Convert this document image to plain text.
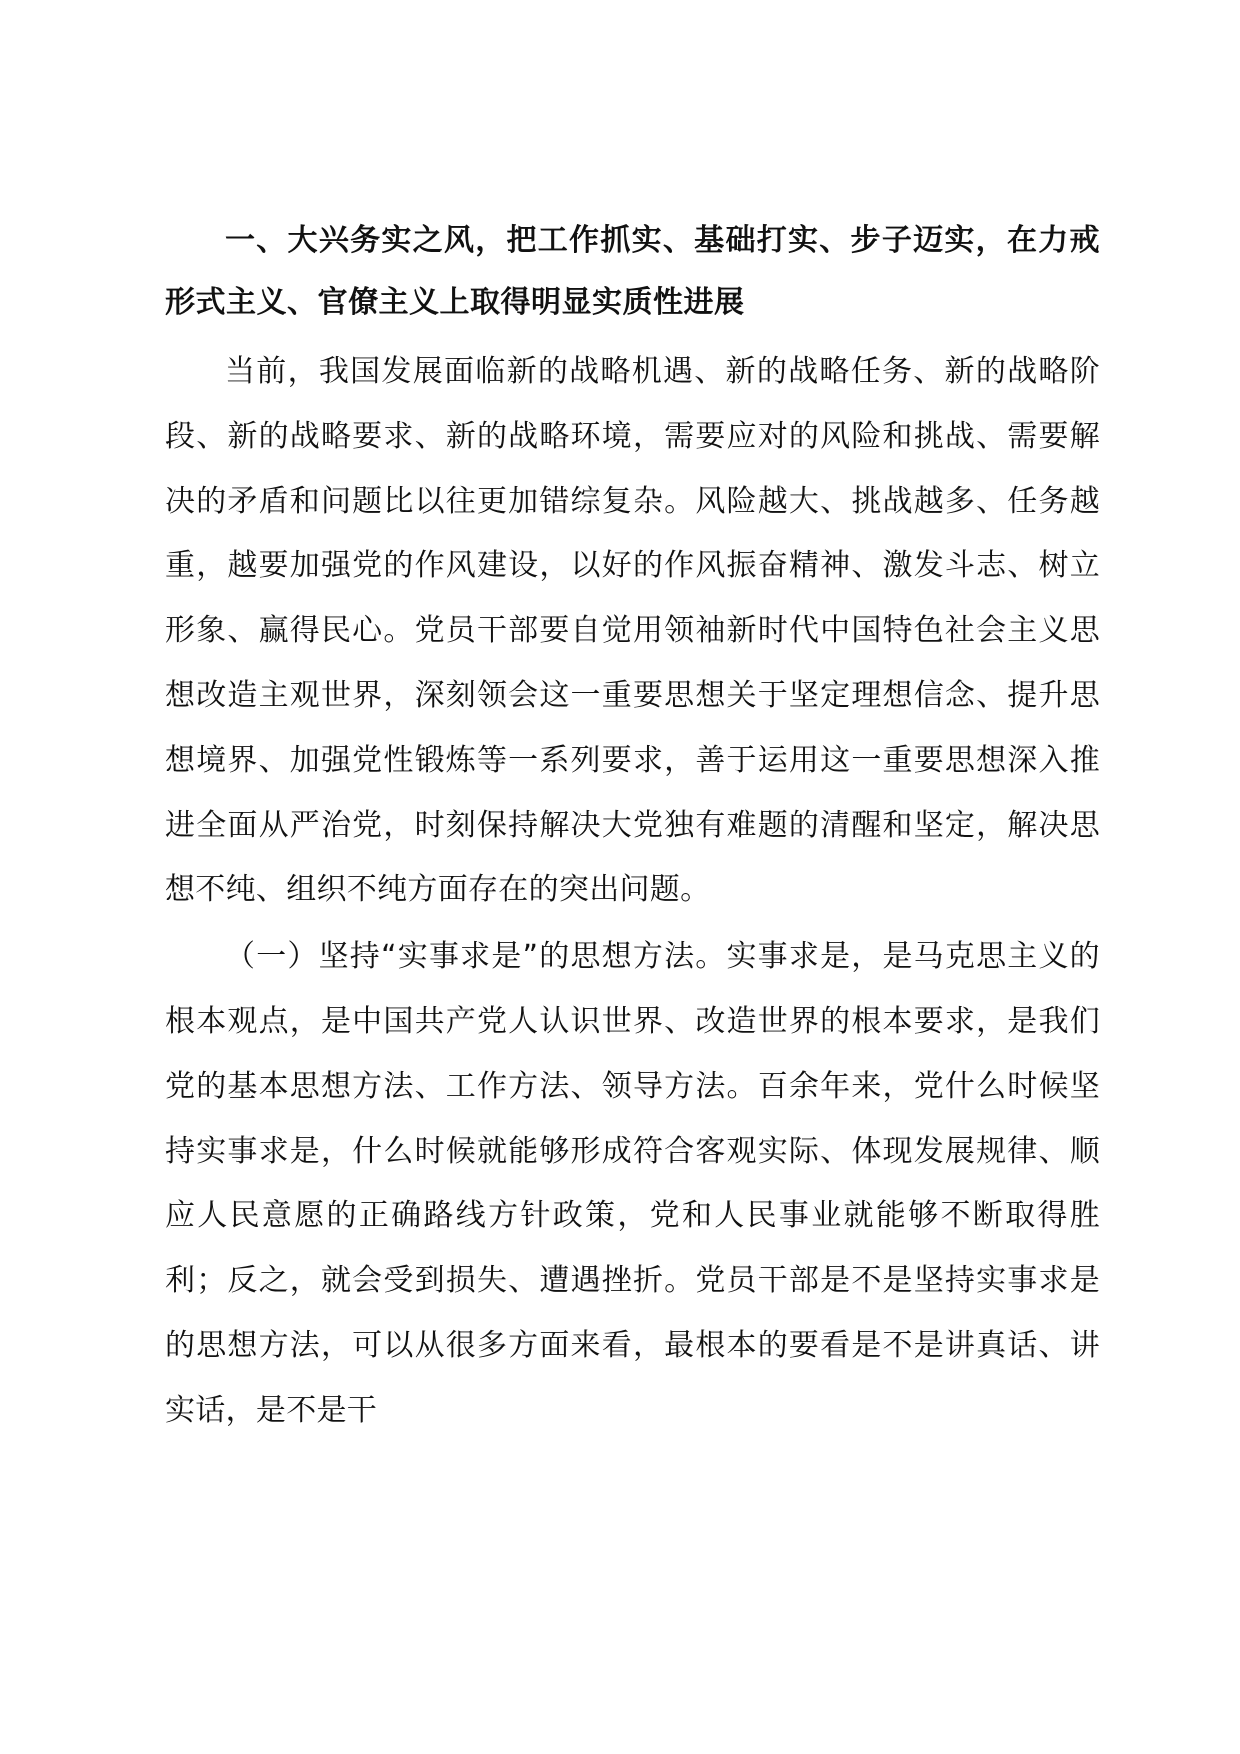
一、大兴务实之风，把工作抓实、基础打实、步子迈实，在力戒形式主义、官僚主义上取得明显实质性进展

当前，我国发展面临新的战略机遇、新的战略任务、新的战略阶段、新的战略要求、新的战略环境，需要应对的风险和挑战、需要解决的矛盾和问题比以往更加错综复杂。风险越大、挑战越多、任务越重，越要加强党的作风建设，以好的作风振奋精神、激发斗志、树立形象、赢得民心。党员干部要自觉用领袖新时代中国特色社会主义思想改造主观世界，深刻领会这一重要思想关于坚定理想信念、提升思想境界、加强党性锻炼等一系列要求，善于运用这一重要思想深入推进全面从严治党，时刻保持解决大党独有难题的清醒和坚定，解决思想不纯、组织不纯方面存在的突出问题。

（一）坚持“实事求是”的思想方法。实事求是，是马克思主义的根本观点，是中国共产党人认识世界、改造世界的根本要求，是我们党的基本思想方法、工作方法、领导方法。百余年来，党什么时候坚持实事求是，什么时候就能够形成符合客观实际、体现发展规律、顺应人民意愿的正确路线方针政策，党和人民事业就能够不断取得胜利；反之，就会受到损失、遭遇挫折。党员干部是不是坚持实事求是的思想方法，可以从很多方面来看，最根本的要看是不是讲真话、讲实话，是不是干
